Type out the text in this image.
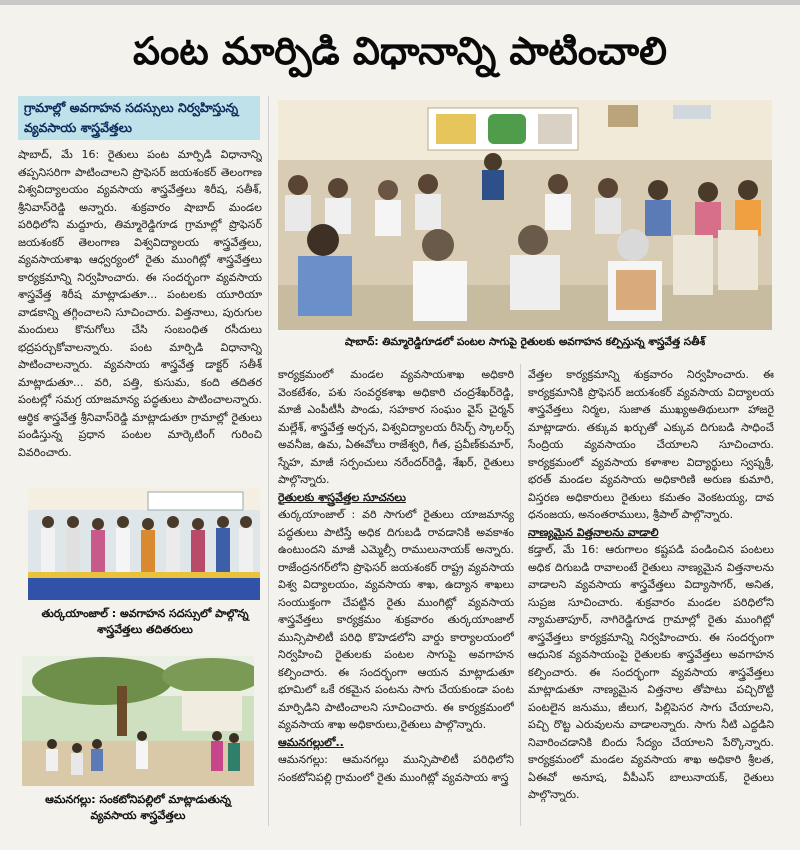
పంట మార్పిడి విధానాన్ని పాటించాలి
గ్రామాల్లో అవగాహన సదస్సులు నిర్వహిస్తున్న వ్యవసాయ శాస్త్రవేత్తలు

షాబాద్, మే 16: రైతులు పంట మార్పిడి విధానాన్ని తప్పనిసరిగా పాటించాలని ప్రొఫెసర్ జయశంకర్ తెలంగాణ విశ్వవిద్యాలయం వ్యవసాయ శాస్త్రవేత్తలు శిరీష, సతీశ్, శ్రీనివాస్‌రెడ్డి అన్నారు. శుక్రవారం షాబాద్ మండల పరిధిలోని మద్దూరు, తిమ్మారెడ్డిగూడ గ్రామాల్లో ప్రొఫెసర్ జయశంకర్ తెలంగాణ విశ్వవిద్యాలయ శాస్త్రవేత్తలు, వ్యవసాయశాఖ ఆధ్వర్యంలో రైతు ముంగిట్లో శాస్త్రవేత్తలు కార్యక్రమాన్ని నిర్వహించారు. ఈ సందర్భంగా వ్యవసాయ శాస్త్రవేత్త శిరీష మాట్లాడుతూ... పంటలకు యూరియా వాడకాన్ని తగ్గించాలని సూచించారు. విత్తనాలు, పురుగుల మందులు కొనుగోలు చేసి సంబంధిత రసీదులు భద్రపర్చుకోవాలన్నారు. పంట మార్పిడి విధానాన్ని పాటించాలన్నారు. వ్యవసాయ శాస్త్రవేత్త డాక్టర్ సతీశ్ మాట్లాడుతూ... వరి, పత్తి, కుసుమ, కంది తదితర పంటల్లో సమగ్ర యాజమాన్య పద్ధతులు పాటించాలన్నారు. ఆర్థిక శాస్త్రవేత్త శ్రీనివాస్‌రెడ్డి మాట్లాడుతూ గ్రామాల్లో రైతులు పండిస్తున్న ప్రధాన పంటల మార్కెటింగ్ గురించి వివరించారు.

షాబాద్: తిమ్మారెడ్డిగూడలో పంటల సాగుపై రైతులకు అవగాహన కల్పిస్తున్న శాస్త్రవేత్త సతీశ్
తుర్కయాంజాల్ : అవగాహన సదస్సులో పాల్గొన్న శాస్త్రవేత్తలు తదితరులు
ఆమనగల్లు: సంకటోనిపల్లిలో మాట్లాడుతున్న వ్యవసాయ శాస్త్రవేత్తలు

కార్యక్రమంలో మండల వ్యవసాయశాఖ అధికారి వెంకటేశం, పశు సంవర్ధకశాఖ అధికారి చంద్రశేఖర్‌రెడ్డి, మాజీ ఎంపీటీసీ పాండు, సహకార సంఘం వైస్ చైర్మన్ మల్లేశ్, శాస్త్రవేత్త అర్చన, విశ్వవిద్యాలయ రీసెర్చ్ స్కాలర్స్ అవనీజ, ఉమ, ఏఈవోలు రాజేశ్వరి, గీత, ప్రవీణ్‌కుమార్, స్నేహ, మాజీ సర్పంచులు నరేందర్‌రెడ్డి, శేఖర్, రైతులు పాల్గొన్నారు.

రైతులకు శాస్త్రవేత్తల సూచనలు

తుర్కయాంజాల్ : వరి సాగులో రైతులు యాజమాన్య పద్ధతులు పాటిస్తే అధిక దిగుబడి రావడానికి అవకాశం ఉంటుందని మాజీ ఎమ్మెల్సీ రాములునాయక్ అన్నారు. రాజేంద్రనగర్‌లోని ప్రొఫెసర్ జయశంకర్ రాష్ట్ర వ్యవసాయ విశ్వ విద్యాలయం, వ్యవసాయ శాఖ, ఉద్యాన శాఖలు సంయుక్తంగా చేపట్టిన రైతు ముంగిట్లో వ్యవసాయ శాస్త్రవేత్తలు కార్యక్రమం శుక్రవారం తుర్కయాంజాల్ మున్సిపాలిటీ పరిధి కొహెడలోని వార్డు కార్యాలయంలో నిర్వహించి రైతులకు పంటల సాగుపై అవగాహన కల్పించారు. ఈ సందర్భంగా ఆయన మాట్లాడుతూ భూమిలో ఒకే రకమైన పంటను సాగు చేయకుండా పంట మార్పిడిని పాటించాలని సూచించారు. ఈ కార్యక్రమంలో వ్యవసాయ శాఖ అధికారులు,రైతులు పాల్గొన్నారు.

ఆమనగల్లులో..

ఆమనగల్లు: ఆమనగల్లు మున్సిపాలిటీ పరిధిలోని సంకటోనిపల్లి గ్రామంలో రైతు ముంగిట్లో వ్యవసాయ శాస్త్ర

వేత్తల కార్యక్రమాన్ని శుక్రవారం నిర్వహించారు. ఈ కార్యక్రమానికి ప్రొఫెసర్ జయశంకర్ వ్యవసాయ విద్యాలయ శాస్త్రవేత్తలు నిర్మల, సుజాత ముఖ్యఅతిథులుగా హాజరై మాట్లాడారు. తక్కువ ఖర్చుతో ఎక్కువ దిగుబడి సాధించే సేంద్రియ వ్యవసాయం చేయాలని సూచించారు. కార్యక్రమంలో వ్యవసాయ కళాశాల విద్యార్థులు స్వప్నశ్రీ, భరత్ మండల వ్యవసాయ అధికారిణి అరుణ కుమారి, విస్తరణ అధికారులు రైతులు కమతం వెంకటయ్య, దావ ధనంజయ, అనంతరాములు, శ్రీపాల్ పాల్గొన్నారు.

నాణ్యమైన విత్తనాలను వాడాలి

కడ్తాల్, మే 16: ఆరుగాలం కష్టపడి పండించిన పంటలు అధిక దిగుబడి రావాలంటే రైతులు నాణ్యమైన విత్తనాలను వాడాలని వ్యవసాయ శాస్త్రవేత్తలు విద్యాసాగర్, అనిత, సుప్రజ సూచించారు. శుక్రవారం మండల పరిధిలోని న్యామతాపూర్, నాగిరెడ్డిగూడ గ్రామాల్లో రైతు ముంగిట్లో శాస్త్రవేత్తలు కార్యక్రమాన్ని నిర్వహించారు. ఈ సందర్భంగా ఆధునిక వ్యవసాయంపై రైతులకు శాస్త్రవేత్తలు అవగాహన కల్పించారు. ఈ సందర్భంగా వ్యవసాయ శాస్త్రవేత్తలు మాట్లాడుతూ నాణ్యమైన విత్తనాల తోపాటు పచ్చిరొట్టి పంటలైన జనుము, జీలుగ, పిల్లిపెసర సాగు చేయాలని, పచ్చి రొట్ట ఎరువులను వాడాలన్నారు. సాగు నీటి ఎద్దడిని నివారించడానికి బిందు సేద్యం చేయాలని పేర్కొన్నారు. కార్యక్రమంలో మండల వ్యవసాయ శాఖ అధికారి శ్రీలత, ఏఈవో అనూష, వీపీఎస్ బాలునాయక్, రైతులు పాల్గొన్నారు.
